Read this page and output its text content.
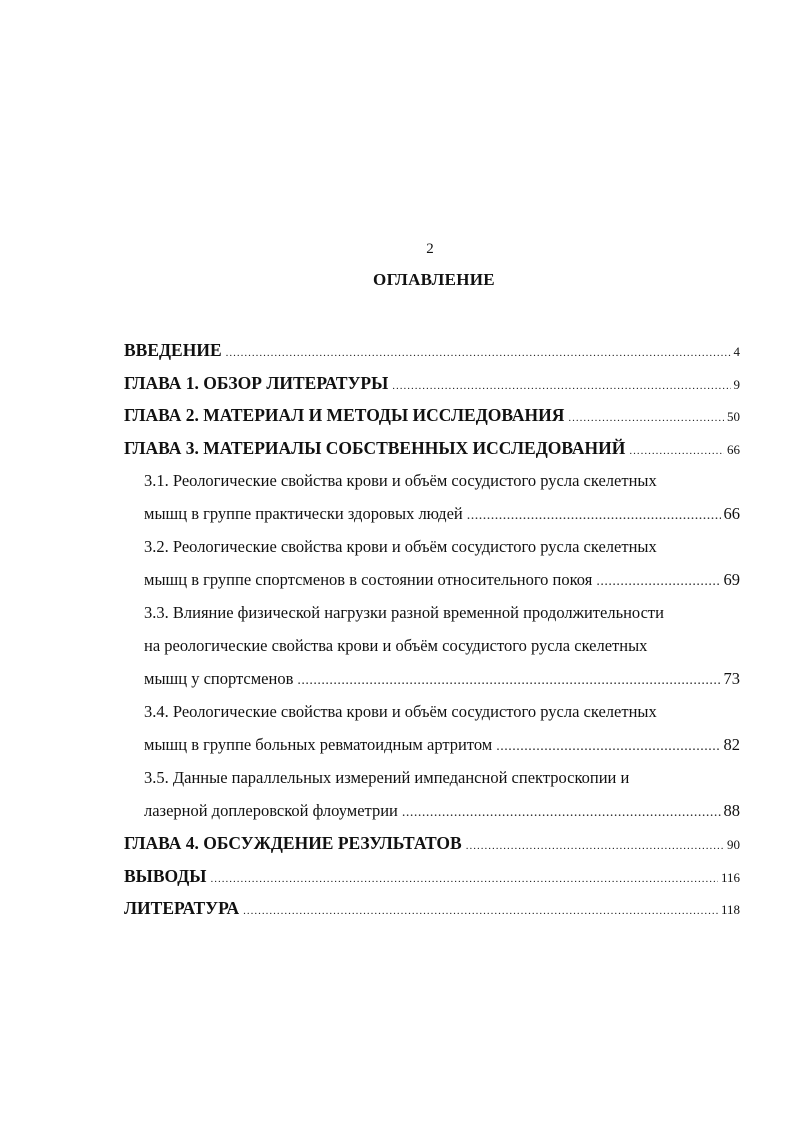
2
ОГЛАВЛЕНИЕ
ВВЕДЕНИЕ .....	4
ГЛАВА 1. ОБЗОР ЛИТЕРАТУРЫ .....	9
ГЛАВА 2. МАТЕРИАЛ И МЕТОДЫ ИССЛЕДОВАНИЯ .....	50
ГЛАВА 3. МАТЕРИАЛЫ СОБСТВЕННЫХ ИССЛЕДОВАНИЙ .....	66
3.1. Реологические свойства крови и объём сосудистого русла скелетных
мышц в группе практически здоровых людей .....	66
3.2. Реологические свойства крови и объём сосудистого русла скелетных
мышц в группе спортсменов в состоянии относительного покоя .....	69
3.3. Влияние физической нагрузки разной временной продолжительности
на реологические свойства крови и объём сосудистого русла скелетных
мышц у спортсменов .....	73
3.4. Реологические свойства крови и объём сосудистого русла скелетных
мышц в группе больных ревматоидным артритом .....	82
3.5. Данные параллельных измерений импедансной спектроскопии и
лазерной доплеровской флоуметрии .....	88
ГЛАВА 4. ОБСУЖДЕНИЕ РЕЗУЛЬТАТОВ .....	90
ВЫВОДЫ .....	116
ЛИТЕРАТУРА .....	118
